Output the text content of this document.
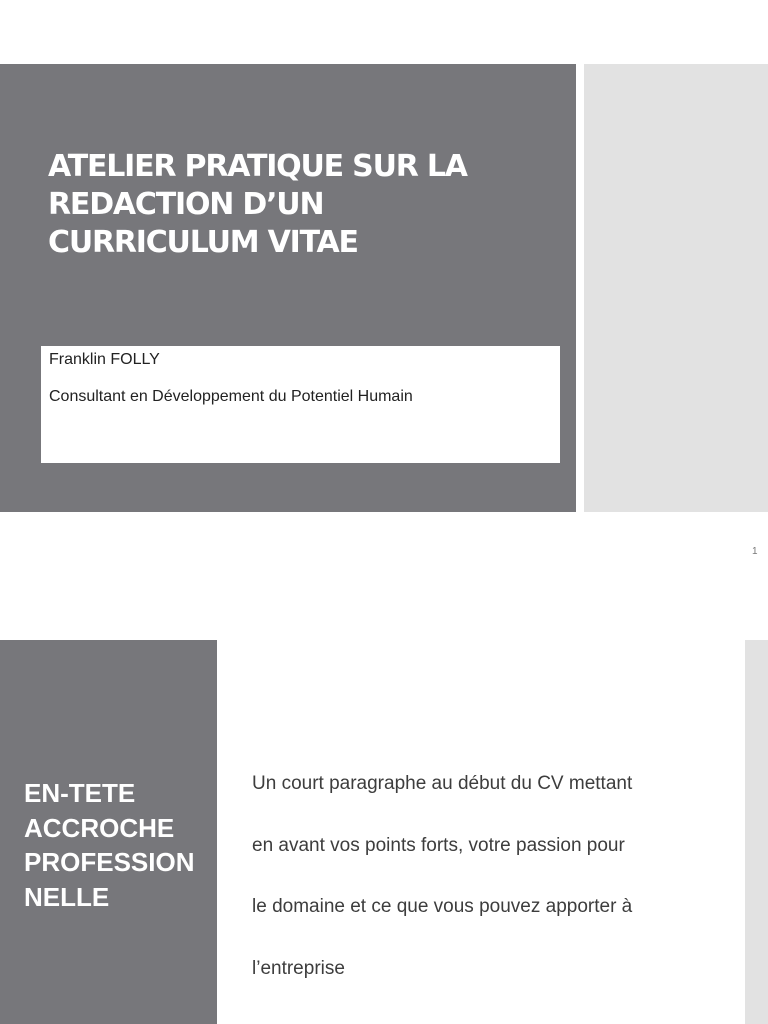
ATELIER PRATIQUE SUR LA
REDACTION D’UN
CURRICULUM VITAE

Franklin FOLLY

Consultant en Développement du Potentiel Humain

1
EN-TETE
ACCROCHE
PROFESSION
NELLE

Un court paragraphe au début du CV mettant
en avant vos points forts, votre passion pour
le domaine et ce que vous pouvez apporter à
l’entreprise
